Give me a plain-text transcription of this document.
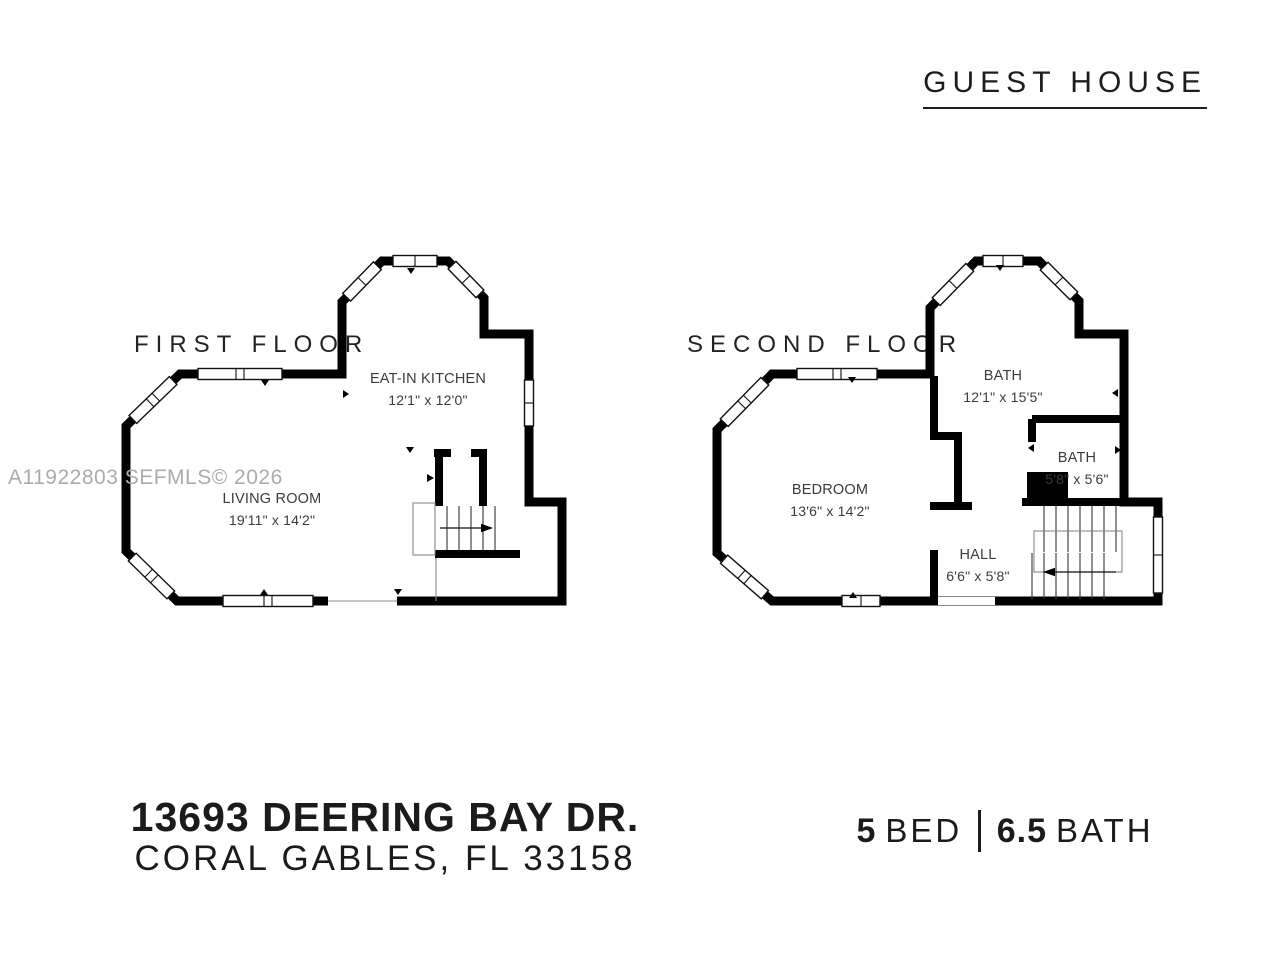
GUEST HOUSE
FIRST FLOOR	SECOND FLOOR
EAT-IN KITCHEN
12'1" x 12'0"
LIVING ROOM
19'11" x 14'2"
BATH
12'1" x 15'5"
BATH
5'8" x 5'6"
BEDROOM
13'6" x 14'2"
HALL
6'6" x 5'8"
A11922803 SEFMLS© 2026
13693 DEERING BAY DR.
CORAL GABLES, FL 33158
5 BED 6.5 BATH
